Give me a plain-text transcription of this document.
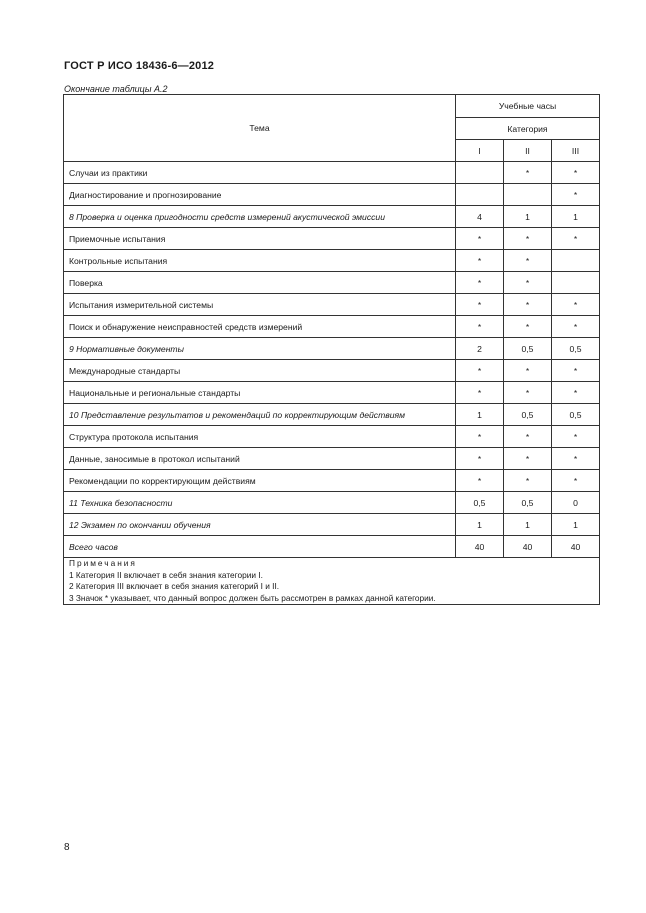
ГОСТ Р ИСО 18436-6—2012
Окончание таблицы А.2
Тема	Учебные часы		
	Категория		
	I	II	III
Случаи из практики		*	*
Диагностирование и прогнозирование			*
8 Проверка и оценка пригодности средств измерений акустической эмиссии	4	1	1
Приемочные испытания	*	*	*
Контрольные испытания	*	*	
Поверка	*	*	
Испытания измерительной системы	*	*	*
Поиск и обнаружение неисправностей средств измерений	*	*	*
9 Нормативные документы	2	0,5	0,5
Международные стандарты	*	*	*
Национальные и региональные стандарты	*	*	*
10 Представление результатов и рекомендаций по корректирующим действиям	1	0,5	0,5
Структура протокола испытания	*	*	*
Данные, заносимые в протокол испытаний	*	*	*
Рекомендации по корректирующим действиям	*	*	*
11 Техника безопасности	0,5	0,5	0
12 Экзамен по окончании обучения	1	1	1
Всего часов	40	40	40

Примечания
1 Категория II включает в себя знания категории I.
2 Категория III включает в себя знания категорий I и II.
3 Значок * указывает, что данный вопрос должен быть рассмотрен в рамках данной категории.			
8
